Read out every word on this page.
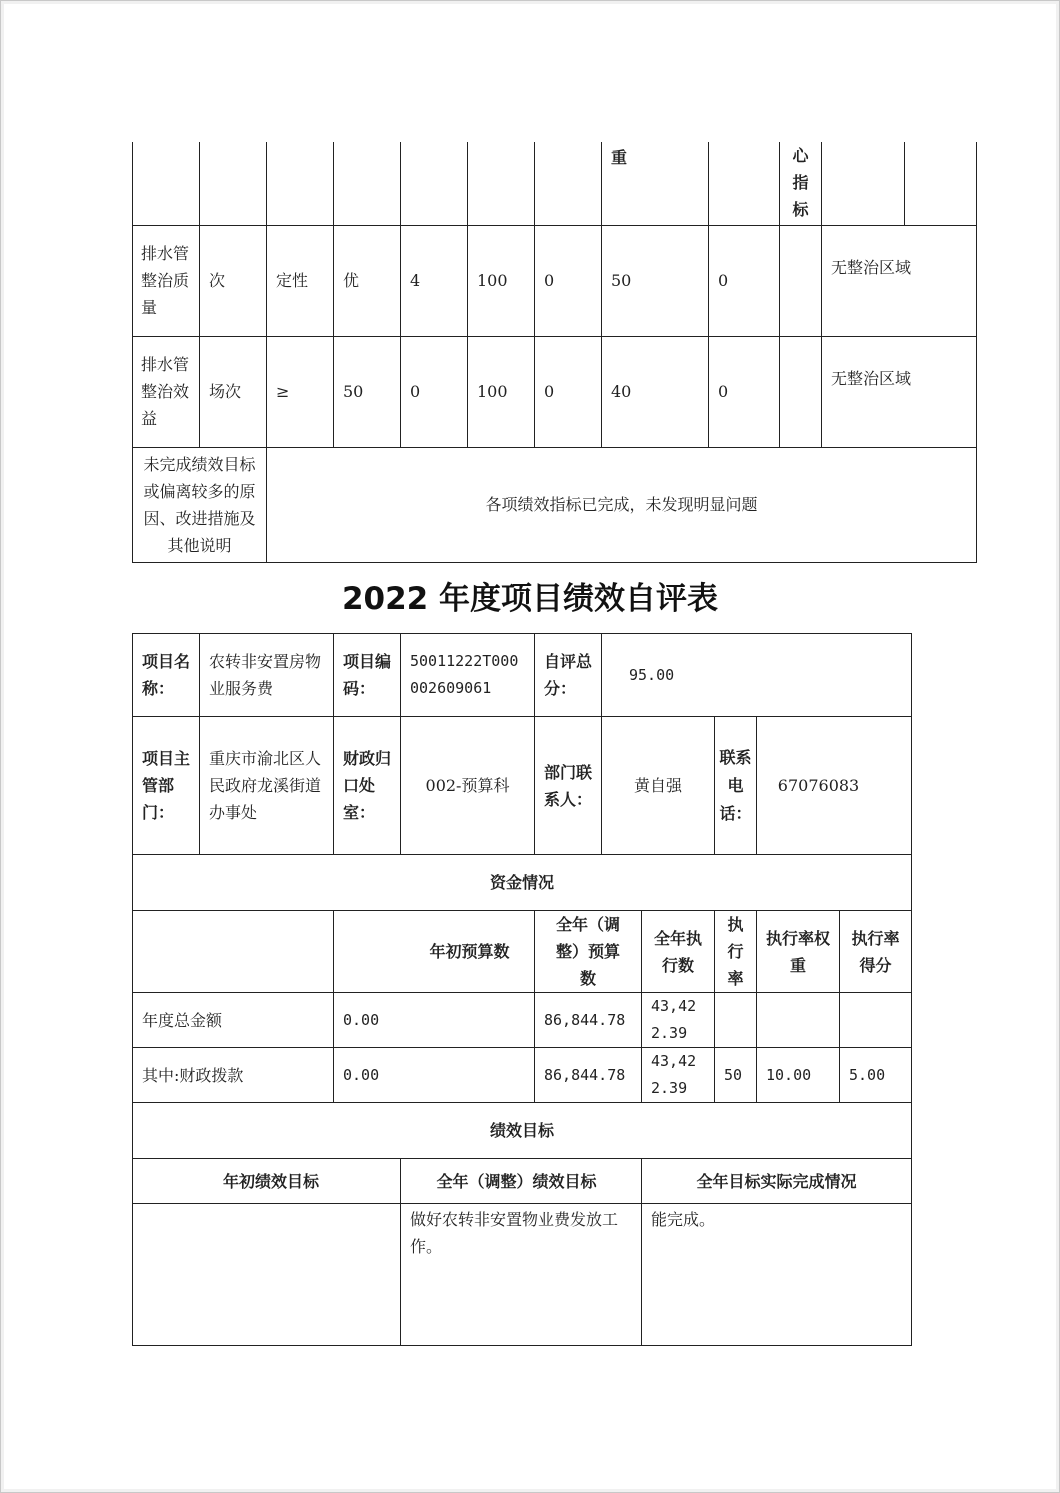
							重		心
指
标		

排水管整治质量	次	定性	优	4	100	0	50	0		无整治区域	
排水管整治效益	场次	≥	50	0	100	0	40	0		无整治区域	
未完成绩效目标或偏离较多的原因、改进措施及其他说明		各项绩效指标已完成，未发现明显问题									
2022 年度项目绩效自评表
项目名称：	农转非安置房物业服务费	项目编码：	50011222T000002609061	自评总分：	95.00				
项目主管部门：	重庆市渝北区人民政府龙溪街道办事处	财政归口处室：	002-预算科	部门联系人：	黄自强		联系电话：	67076083	
资金情况									
		年初预算数		全年（调整）预算数		全年执行数	执行率	执行率权重	执行率得分
年度总金额		0.00		86,844.78		43,422.39			
其中:财政拨款		0.00		86,844.78		43,422.39	50	10.00	5.00
绩效目标									
年初绩效目标			全年（调整）绩效目标			全年目标实际完成情况			
			做好农转非安置物业费发放工作。			能完成。			
